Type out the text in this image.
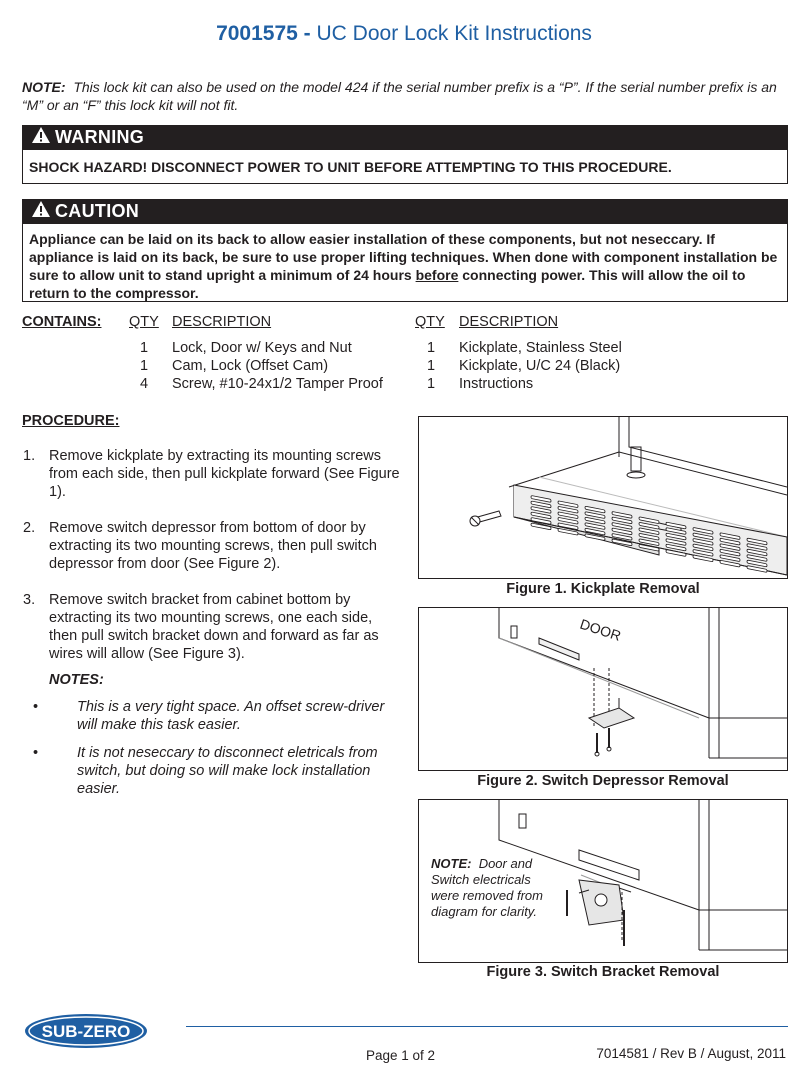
7001575 - UC Door Lock Kit Instructions
NOTE: This lock kit can also be used on the model 424 if the serial number prefix is a “P”. If the serial number prefix is an “M” or an “F” this lock kit will not fit.
WARNING
SHOCK HAZARD! DISCONNECT POWER TO UNIT BEFORE ATTEMPTING TO THIS PROCEDURE.
CAUTION
Appliance can be laid on its back to allow easier installation of these components, but not neseccary. If appliance is laid on its back, be sure to use proper lifting techniques. When done with component installation be sure to allow unit to stand upright a minimum of 24 hours before connecting power. This will allow the oil to return to the compressor.
CONTAINS: QTY DESCRIPTION	QTY DESCRIPTION
1 Lock, Door w/ Keys and Nut
1 Cam, Lock (Offset Cam)
4 Screw, #10-24x1/2 Tamper Proof
1 Kickplate, Stainless Steel
1 Kickplate, U/C 24 (Black)
1 Instructions
PROCEDURE:
1. Remove kickplate by extracting its mounting screws from each side, then pull kickplate forward (See Figure 1).
2. Remove switch depressor from bottom of door by extracting its two mounting screws, then pull switch depressor from door (See Figure 2).
3. Remove switch bracket from cabinet bottom by extracting its two mounting screws, one each side, then pull switch bracket down and forward as far as wires will allow (See Figure 3).
NOTES:
•	This is a very tight space. An offset screw-driver will make this task easier.
•	It is not neseccary to disconnect eletricals from switch, but doing so will make lock installation easier.
Figure 1. Kickplate Removal
DOOR
Figure 2. Switch Depressor Removal
NOTE: Door and Switch electricals were removed from diagram for clarity.
Figure 3. Switch Bracket Removal
SUB-ZERO
Page 1 of 2	7014581 / Rev B / August, 2011
